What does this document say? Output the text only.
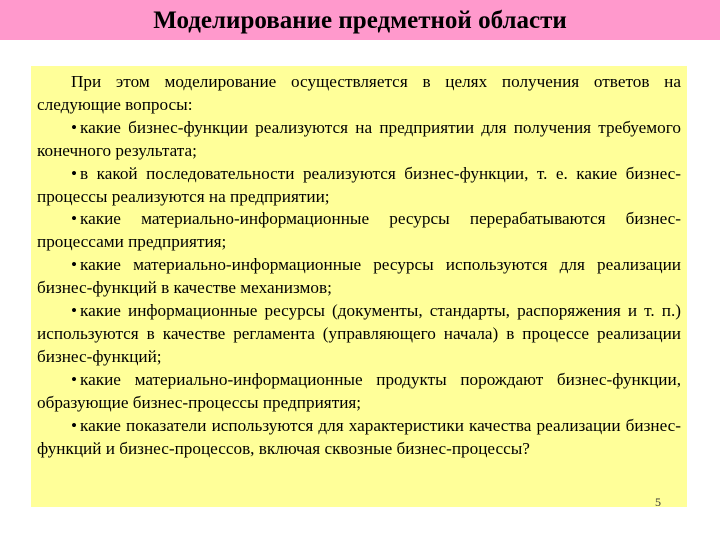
Моделирование предметной области

При этом моделирование осуществляется в целях получения ответов на следующие вопросы:

• какие бизнес-функции реализуются на предприятии для получения требуемого конечного результата;

• в какой последовательности реализуются бизнес-функции, т. е. какие бизнес-процессы реализуются на предприятии;

• какие материально-информационные ресурсы перерабатываются бизнес-процессами предприятия;

• какие материально-информационные ресурсы используются для реализации бизнес-функций в качестве механизмов;

• какие информационные ресурсы (документы, стандарты, распоряжения и т. п.) используются в качестве регламента (управляющего начала) в процессе реализации бизнес-функций;

• какие материально-информационные продукты порождают бизнес-функции, образующие бизнес-процессы предприятия;

• какие показатели используются для характеристики качества реализации бизнес-функций и бизнес-процессов, включая сквозные бизнес-процессы?

5
